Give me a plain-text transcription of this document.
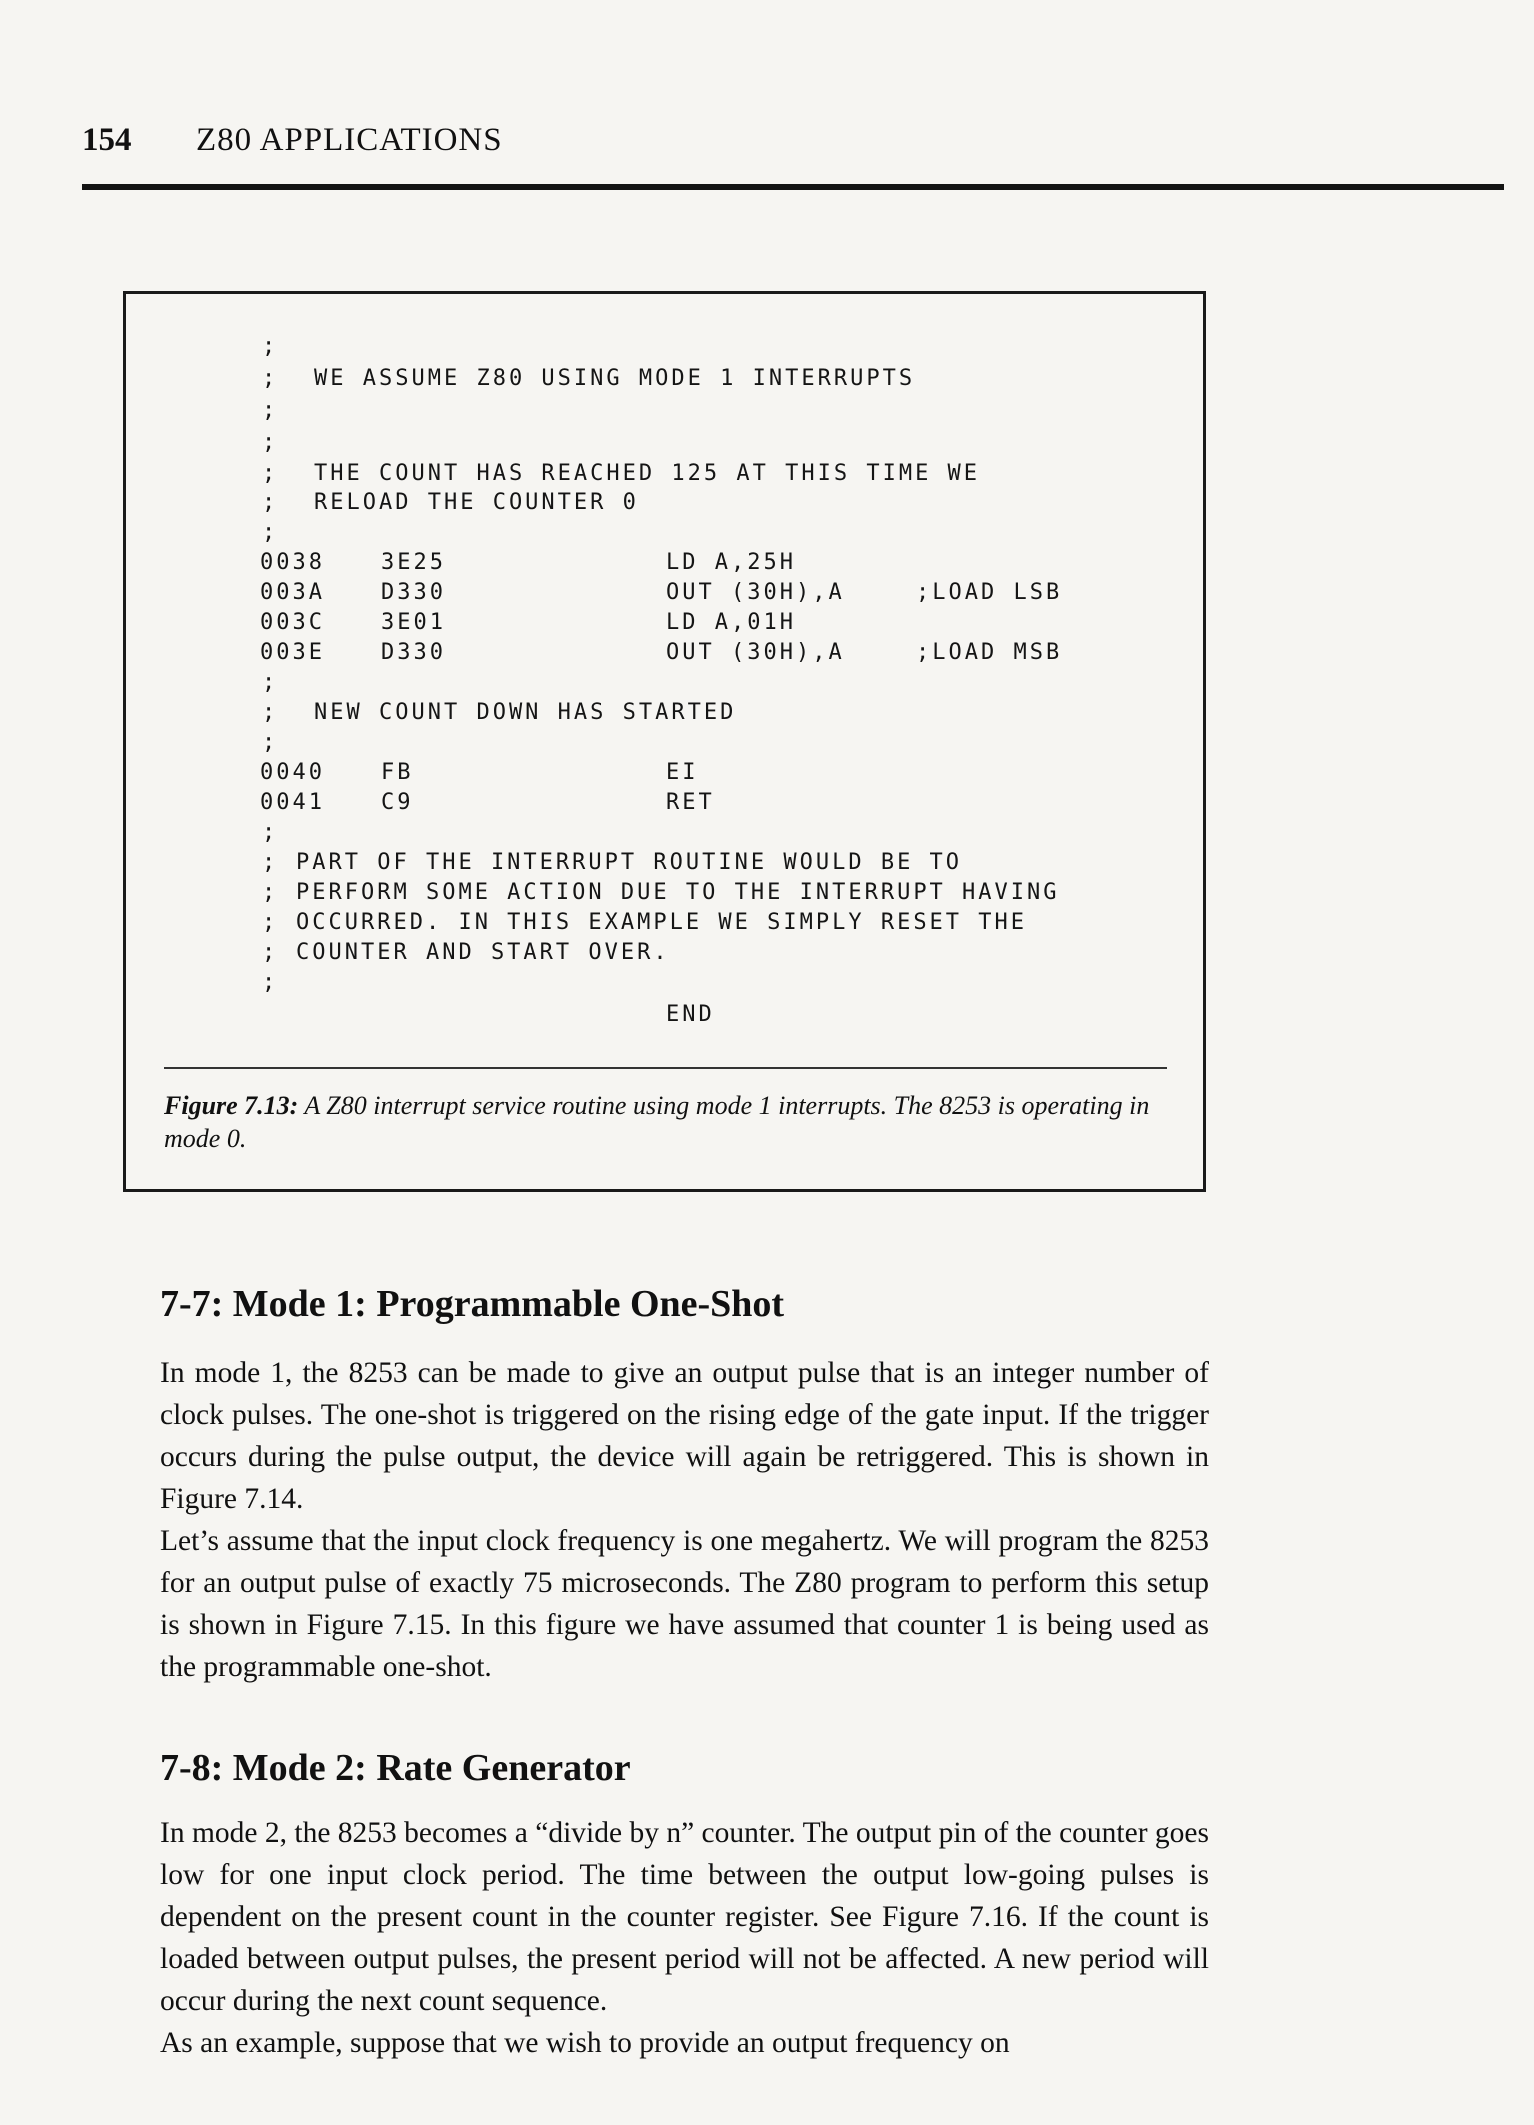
154 Z80 APPLICATIONS
;
; WE ASSUME Z80 USING MODE 1 INTERRUPTS
;
;
; THE COUNT HAS REACHED 125 AT THIS TIME WE
; RELOAD THE COUNTER 0
;
0038	3E25	LD A,25H
003A	D330	OUT (30H),A	;LOAD LSB
003C	3E01	LD A,01H
003E	D330	OUT (30H),A	;LOAD MSB
;
; NEW COUNT DOWN HAS STARTED
;
0040	FB	EI
0041	C9	RET
;
; PART OF THE INTERRUPT ROUTINE WOULD BE TO
; PERFORM SOME ACTION DUE TO THE INTERRUPT HAVING
; OCCURRED. IN THIS EXAMPLE WE SIMPLY RESET THE
; COUNTER AND START OVER.
;
END
Figure 7.13: A Z80 interrupt service routine using mode 1 interrupts. The 8253 is operating in mode 0.
7-7: Mode 1: Programmable One-Shot
In mode 1, the 8253 can be made to give an output pulse that is an integer number of clock pulses. The one-shot is triggered on the rising edge of the gate input. If the trigger occurs during the pulse output, the device will again be retriggered. This is shown in Figure 7.14.
Let’s assume that the input clock frequency is one megahertz. We will program the 8253 for an output pulse of exactly 75 microseconds. The Z80 program to perform this setup is shown in Figure 7.15. In this figure we have assumed that counter 1 is being used as the programmable one-shot.
7-8: Mode 2: Rate Generator
In mode 2, the 8253 becomes a “divide by n” counter. The output pin of the counter goes low for one input clock period. The time between the output low-going pulses is dependent on the present count in the counter register. See Figure 7.16. If the count is loaded between output pulses, the present period will not be affected. A new period will occur during the next count sequence.
As an example, suppose that we wish to provide an output frequency on
